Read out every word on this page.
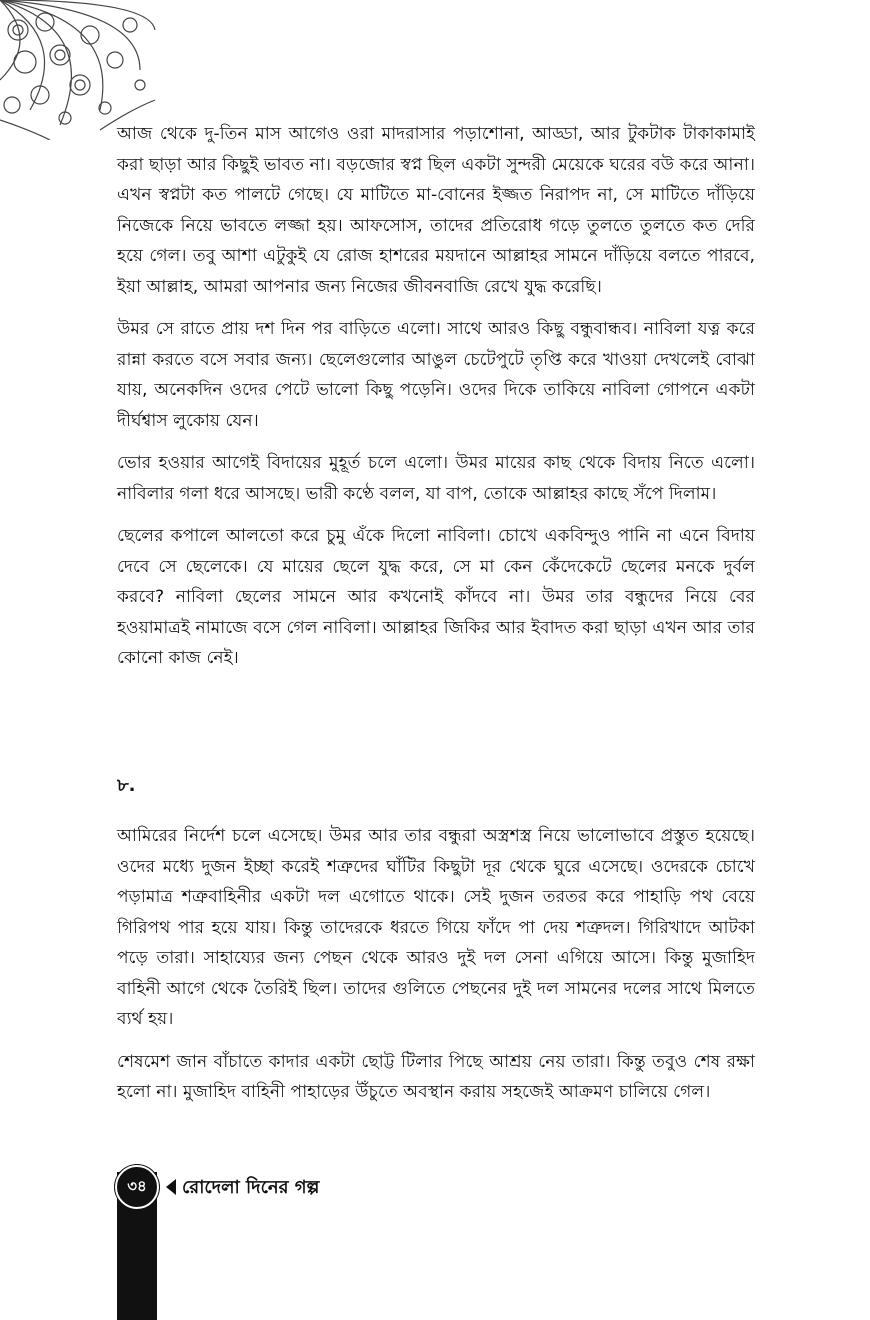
আজ থেকে দু-তিন মাস আগেও ওরা মাদরাসার পড়াশোনা, আড্ডা, আর টুকটাক টাকাকামাই করা ছাড়া আর কিছুই ভাবত না। বড়জোর স্বপ্ন ছিল একটা সুন্দরী মেয়েকে ঘরের বউ করে আনা। এখন স্বপ্নটা কত পালটে গেছে। যে মাটিতে মা-বোনের ইজ্জত নিরাপদ না, সে মাটিতে দাঁড়িয়ে নিজেকে নিয়ে ভাবতে লজ্জা হয়। আফসোস, তাদের প্রতিরোধ গড়ে তুলতে তুলতে কত দেরি হয়ে গেল। তবু আশা এটুকুই যে রোজ হাশরের ময়দানে আল্লাহর সামনে দাঁড়িয়ে বলতে পারবে, ইয়া আল্লাহ, আমরা আপনার জন্য নিজের জীবনবাজি রেখে যুদ্ধ করেছি।

উমর সে রাতে প্রায় দশ দিন পর বাড়িতে এলো। সাথে আরও কিছু বন্ধুবান্ধব। নাবিলা যত্ন করে রান্না করতে বসে সবার জন্য। ছেলেগুলোর আঙুল চেটেপুটে তৃপ্তি করে খাওয়া দেখলেই বোঝা যায়, অনেকদিন ওদের পেটে ভালো কিছু পড়েনি। ওদের দিকে তাকিয়ে নাবিলা গোপনে একটা দীর্ঘশ্বাস লুকোয় যেন।

ভোর হওয়ার আগেই বিদায়ের মুহূর্ত চলে এলো। উমর মায়ের কাছ থেকে বিদায় নিতে এলো। নাবিলার গলা ধরে আসছে। ভারী কণ্ঠে বলল, যা বাপ, তোকে আল্লাহর কাছে সঁপে দিলাম।

ছেলের কপালে আলতো করে চুমু এঁকে দিলো নাবিলা। চোখে একবিন্দুও পানি না এনে বিদায় দেবে সে ছেলেকে। যে মায়ের ছেলে যুদ্ধ করে, সে মা কেন কেঁদেকেটে ছেলের মনকে দুর্বল করবে? নাবিলা ছেলের সামনে আর কখনোই কাঁদবে না। উমর তার বন্ধুদের নিয়ে বের হওয়ামাত্রই নামাজে বসে গেল নাবিলা। আল্লাহর জিকির আর ইবাদত করা ছাড়া এখন আর তার কোনো কাজ নেই।

৮.

আমিরের নির্দেশ চলে এসেছে। উমর আর তার বন্ধুরা অস্ত্রশস্ত্র নিয়ে ভালোভাবে প্রস্তুত হয়েছে। ওদের মধ্যে দুজন ইচ্ছা করেই শত্রুদের ঘাঁটির কিছুটা দূর থেকে ঘুরে এসেছে। ওদেরকে চোখে পড়ামাত্র শত্রুবাহিনীর একটা দল এগোতে থাকে। সেই দুজন তরতর করে পাহাড়ি পথ বেয়ে গিরিপথ পার হয়ে যায়। কিন্তু তাদেরকে ধরতে গিয়ে ফাঁদে পা দেয় শত্রুদল। গিরিখাদে আটকা পড়ে তারা। সাহায্যের জন্য পেছন থেকে আরও দুই দল সেনা এগিয়ে আসে। কিন্তু মুজাহিদ বাহিনী আগে থেকে তৈরিই ছিল। তাদের গুলিতে পেছনের দুই দল সামনের দলের সাথে মিলতে ব্যর্থ হয়।

শেষমেশ জান বাঁচাতে কাদার একটা ছোট্ট টিলার পিছে আশ্রয় নেয় তারা। কিন্তু তবুও শেষ রক্ষা হলো না। মুজাহিদ বাহিনী পাহাড়ের উঁচুতে অবস্থান করায় সহজেই আক্রমণ চালিয়ে গেল।

৩৪ রোদেলা দিনের গল্প
